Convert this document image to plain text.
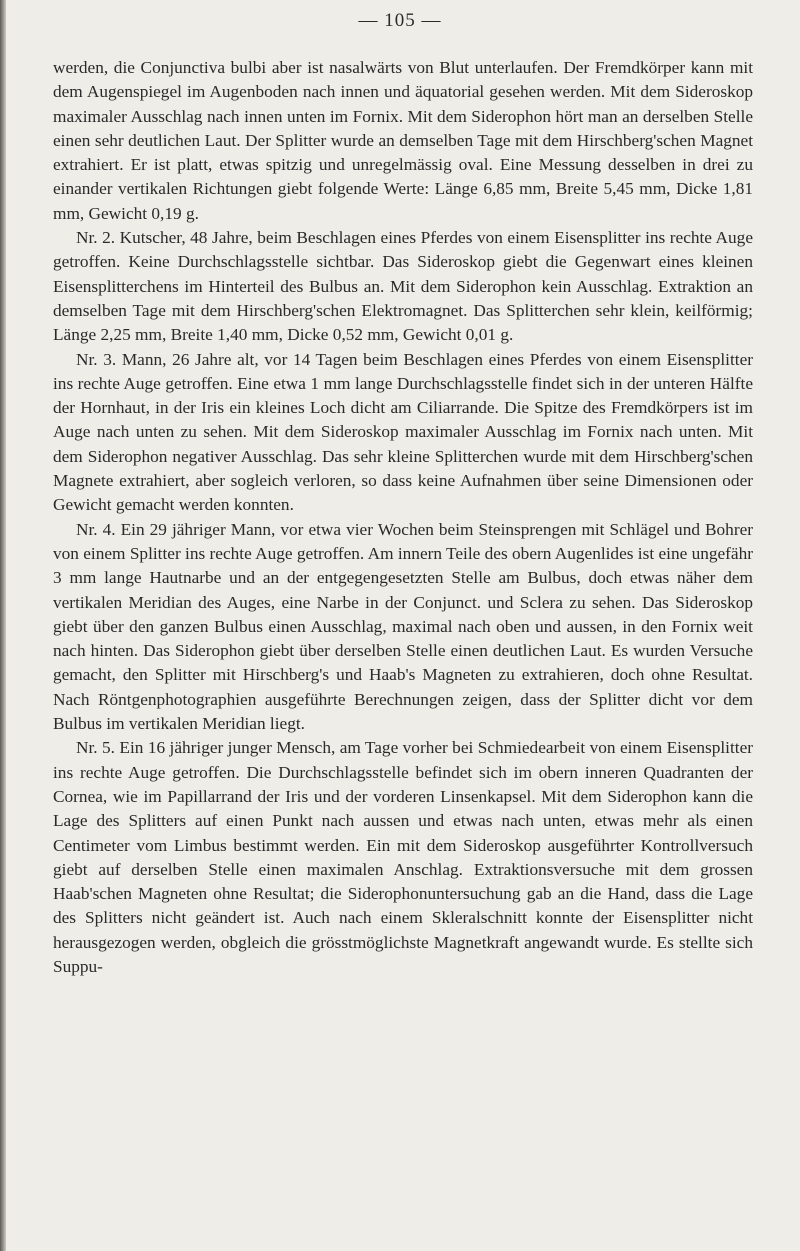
— 105 —

werden, die Conjunctiva bulbi aber ist nasalwärts von Blut unterlaufen. Der Fremdkörper kann mit dem Augenspiegel im Augenboden nach innen und äquatorial gesehen werden. Mit dem Sideroskop maximaler Ausschlag nach innen unten im Fornix. Mit dem Siderophon hört man an derselben Stelle einen sehr deutlichen Laut. Der Splitter wurde an demselben Tage mit dem Hirschberg'schen Magnet extrahiert. Er ist platt, etwas spitzig und unregelmässig oval. Eine Messung desselben in drei zu einander vertikalen Richtungen giebt folgende Werte: Länge 6,85 mm, Breite 5,45 mm, Dicke 1,81 mm, Gewicht 0,19 g.

Nr. 2. Kutscher, 48 Jahre, beim Beschlagen eines Pferdes von einem Eisensplitter ins rechte Auge getroffen. Keine Durchschlagsstelle sichtbar. Das Sideroskop giebt die Gegenwart eines kleinen Eisensplitterchens im Hinterteil des Bulbus an. Mit dem Siderophon kein Ausschlag. Extraktion an demselben Tage mit dem Hirschberg'schen Elektromagnet. Das Splitterchen sehr klein, keilförmig; Länge 2,25 mm, Breite 1,40 mm, Dicke 0,52 mm, Gewicht 0,01 g.

Nr. 3. Mann, 26 Jahre alt, vor 14 Tagen beim Beschlagen eines Pferdes von einem Eisensplitter ins rechte Auge getroffen. Eine etwa 1 mm lange Durchschlagsstelle findet sich in der unteren Hälfte der Hornhaut, in der Iris ein kleines Loch dicht am Ciliarrande. Die Spitze des Fremdkörpers ist im Auge nach unten zu sehen. Mit dem Sideroskop maximaler Ausschlag im Fornix nach unten. Mit dem Siderophon negativer Ausschlag. Das sehr kleine Splitterchen wurde mit dem Hirschberg'schen Magnete extrahiert, aber sogleich verloren, so dass keine Aufnahmen über seine Dimensionen oder Gewicht gemacht werden konnten.

Nr. 4. Ein 29 jähriger Mann, vor etwa vier Wochen beim Steinsprengen mit Schlägel und Bohrer von einem Splitter ins rechte Auge getroffen. Am innern Teile des obern Augenlides ist eine ungefähr 3 mm lange Hautnarbe und an der entgegengesetzten Stelle am Bulbus, doch etwas näher dem vertikalen Meridian des Auges, eine Narbe in der Conjunct. und Sclera zu sehen. Das Sideroskop giebt über den ganzen Bulbus einen Ausschlag, maximal nach oben und aussen, in den Fornix weit nach hinten. Das Siderophon giebt über derselben Stelle einen deutlichen Laut. Es wurden Versuche gemacht, den Splitter mit Hirschberg's und Haab's Magneten zu extrahieren, doch ohne Resultat. Nach Röntgenphotographien ausgeführte Berechnungen zeigen, dass der Splitter dicht vor dem Bulbus im vertikalen Meridian liegt.

Nr. 5. Ein 16 jähriger junger Mensch, am Tage vorher bei Schmiedearbeit von einem Eisensplitter ins rechte Auge getroffen. Die Durchschlagsstelle befindet sich im obern inneren Quadranten der Cornea, wie im Papillarrand der Iris und der vorderen Linsenkapsel. Mit dem Siderophon kann die Lage des Splitters auf einen Punkt nach aussen und etwas nach unten, etwas mehr als einen Centimeter vom Limbus bestimmt werden. Ein mit dem Sideroskop ausgeführter Kontrollversuch giebt auf derselben Stelle einen maximalen Anschlag. Extraktionsversuche mit dem grossen Haab'schen Magneten ohne Resultat; die Siderophonuntersuchung gab an die Hand, dass die Lage des Splitters nicht geändert ist. Auch nach einem Skleralschnitt konnte der Eisensplitter nicht herausgezogen werden, obgleich die grösstmöglichste Magnetkraft angewandt wurde. Es stellte sich Suppu-
